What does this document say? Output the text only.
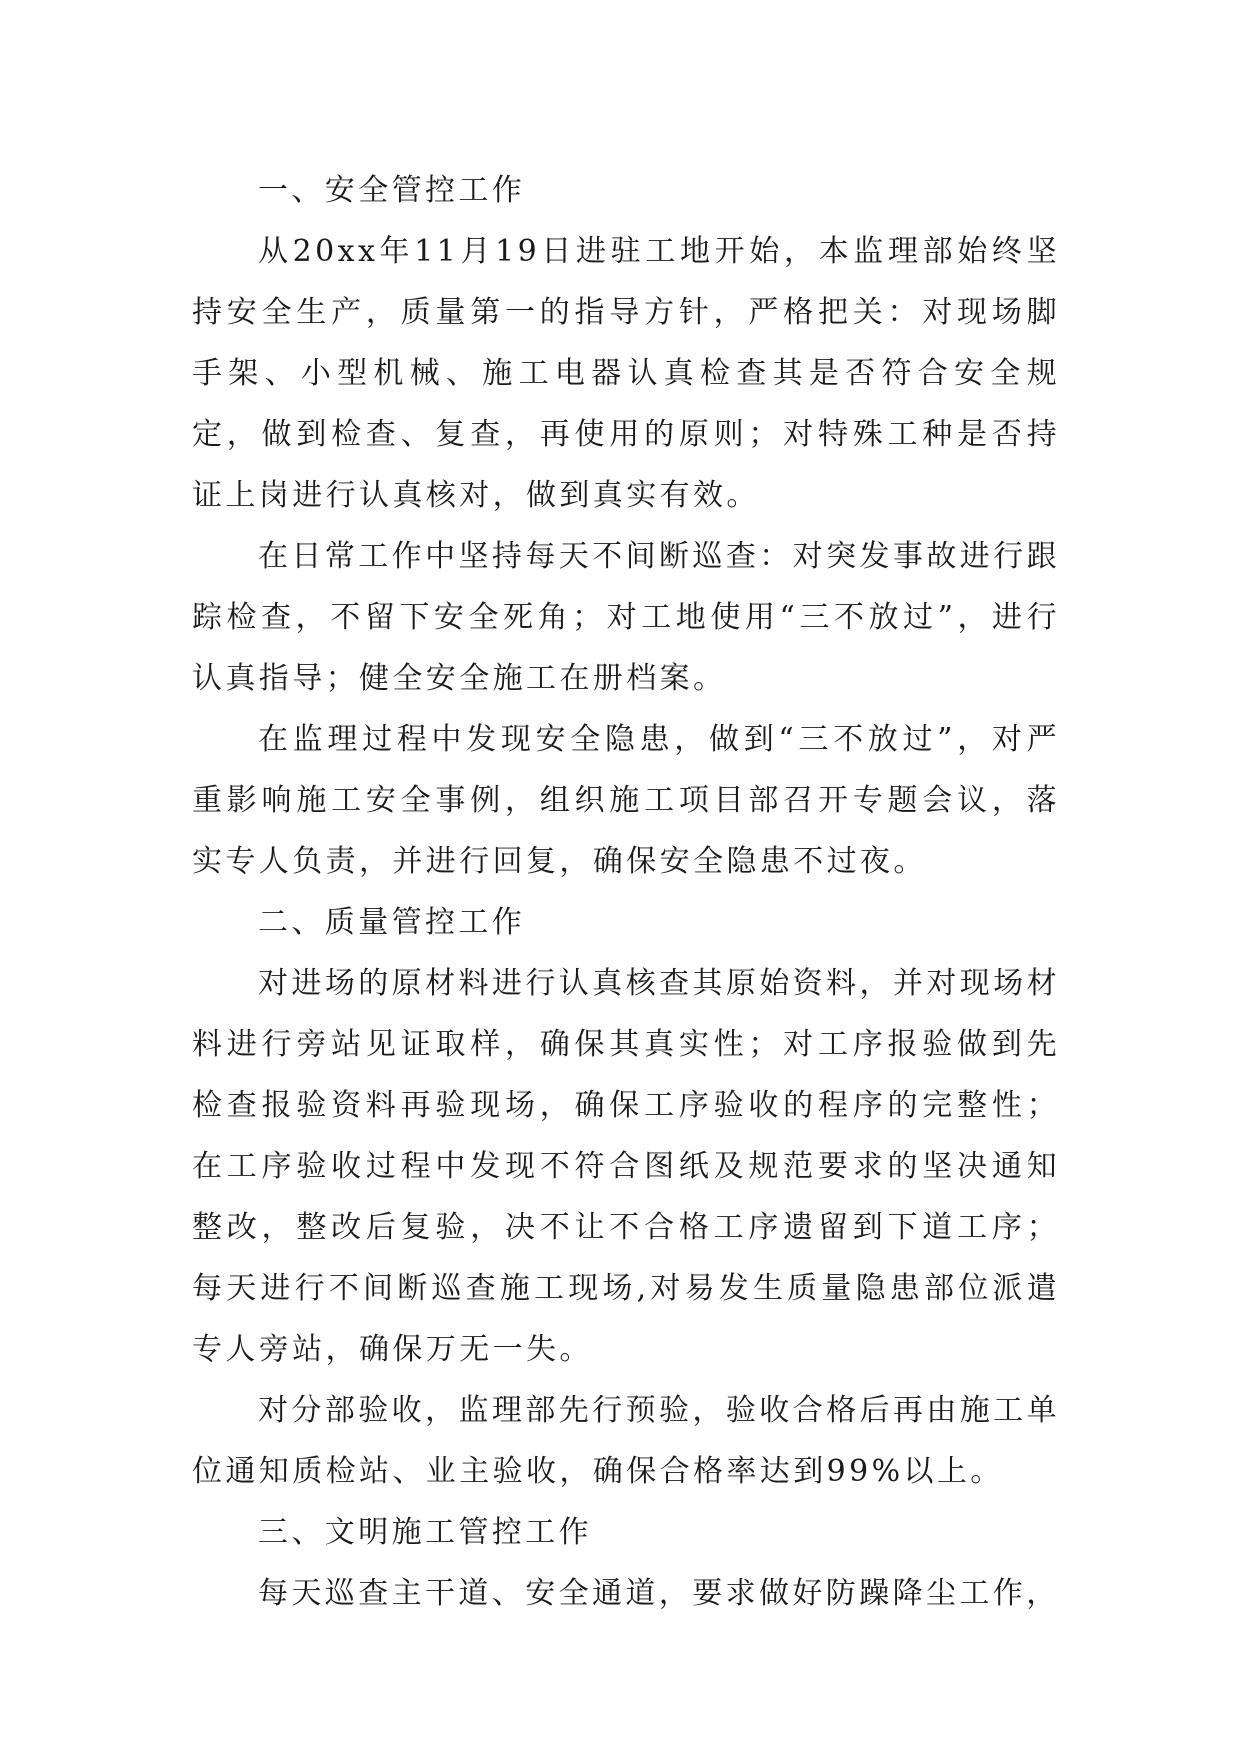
一、安全管控工作

从20xx年11月19日进驻工地开始，本监理部始终坚持安全生产，质量第一的指导方针，严格把关：对现场脚手架、小型机械、施工电器认真检查其是否符合安全规定，做到检查、复查，再使用的原则；对特殊工种是否持证上岗进行认真核对，做到真实有效。

在日常工作中坚持每天不间断巡查：对突发事故进行跟踪检查，不留下安全死角；对工地使用“三不放过”，进行认真指导；健全安全施工在册档案。

在监理过程中发现安全隐患，做到“三不放过”，对严重影响施工安全事例，组织施工项目部召开专题会议，落实专人负责，并进行回复，确保安全隐患不过夜。

二、质量管控工作

对进场的原材料进行认真核查其原始资料，并对现场材料进行旁站见证取样，确保其真实性；对工序报验做到先检查报验资料再验现场，确保工序验收的程序的完整性；在工序验收过程中发现不符合图纸及规范要求的坚决通知整改，整改后复验，决不让不合格工序遗留到下道工序；每天进行不间断巡查施工现场,对易发生质量隐患部位派遣专人旁站，确保万无一失。

对分部验收，监理部先行预验，验收合格后再由施工单位通知质检站、业主验收，确保合格率达到99%以上。

三、文明施工管控工作

每天巡查主干道、安全通道，要求做好防躁降尘工作，
